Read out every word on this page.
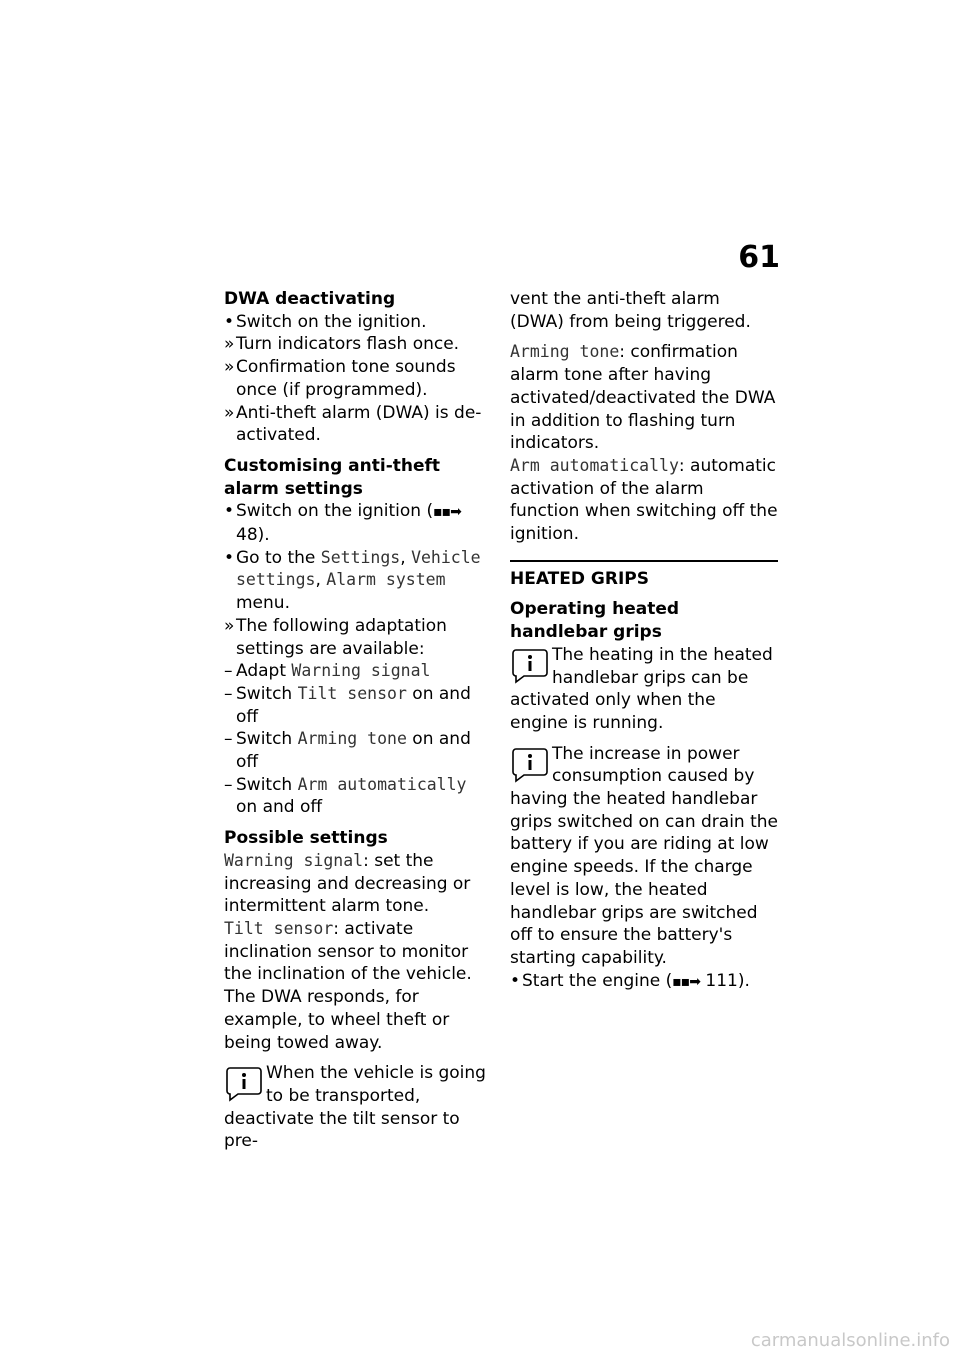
61

DWA deactivating

• Switch on the ignition.

» Turn indicators flash once.

» Confirmation tone sounds once (if programmed).

» Anti-theft alarm (DWA) is de-activated.

Customising anti-theft alarm settings

• Switch on the ignition (▪▪➡ 48).

• Go to the Settings, Vehicle settings, Alarm system menu.

» The following adaptation settings are available:

– Adapt Warning signal

– Switch Tilt sensor on and off

– Switch Arming tone on and off

– Switch Arm automatically on and off

Possible settings

Warning signal: set the increasing and decreasing or intermittent alarm tone.

Tilt sensor: activate inclination sensor to monitor the inclination of the vehicle. The DWA responds, for example, to wheel theft or being towed away.

When the vehicle is going to be transported, deactivate the tilt sensor to pre-

vent the anti-theft alarm (DWA) from being triggered.

Arming tone: confirmation alarm tone after having activated/deactivated the DWA in addition to flashing turn indicators.

Arm automatically: automatic activation of the alarm function when switching off the ignition.

HEATED GRIPS

Operating heated handlebar grips

The heating in the heated handlebar grips can be activated only when the engine is running.
The increase in power consumption caused by having the heated handlebar grips switched on can drain the battery if you are riding at low engine speeds. If the charge level is low, the heated handlebar grips are switched off to ensure the battery's starting capability.

• Start the engine (▪▪➡ 111).

carmanualsonline.info
